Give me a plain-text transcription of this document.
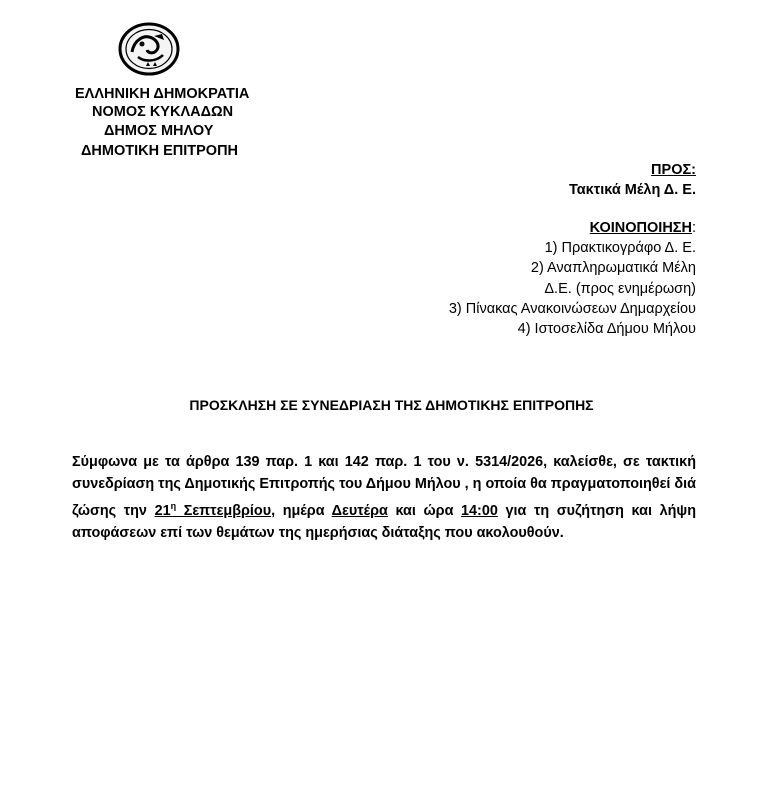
ΕΛΛΗΝΙΚΗ ΔΗΜΟΚΡΑΤΙΑ
ΝΟΜΟΣ ΚΥΚΛΑΔΩΝ
ΔΗΜΟΣ ΜΗΛΟΥ
ΔΗΜΟΤΙΚΗ ΕΠΙΤΡΟΠΗ
ΠΡΟΣ:
Τακτικά Μέλη Δ. Ε.
ΚΟΙΝΟΠΟΙΗΣΗ:
1) Πρακτικογράφο Δ. Ε.
2) Αναπληρωματικά Μέλη
Δ.Ε. (προς ενημέρωση)
3) Πίνακας Ανακοινώσεων Δημαρχείου
4) Ιστοσελίδα Δήμου Μήλου
ΠΡΟΣΚΛΗΣΗ ΣΕ ΣΥΝΕΔΡΙΑΣΗ ΤΗΣ ΔΗΜΟΤΙΚΗΣ ΕΠΙΤΡΟΠΗΣ
Σύμφωνα με τα άρθρα 139 παρ. 1 και 142 παρ. 1 του ν. 5314/2026, καλείσθε, σε τακτική συνεδρίαση της Δημοτικής Επιτροπής του Δήμου Μήλου , η οποία θα πραγματοποιηθεί διά ζώσης την $21^\eta$ Σεπτεμβρίου, ημέρα Δευτέρα και ώρα 14:00 για τη συζήτηση και λήψη αποφάσεων επί των θεμάτων της ημερήσιας διάταξης που ακολουθούν.
